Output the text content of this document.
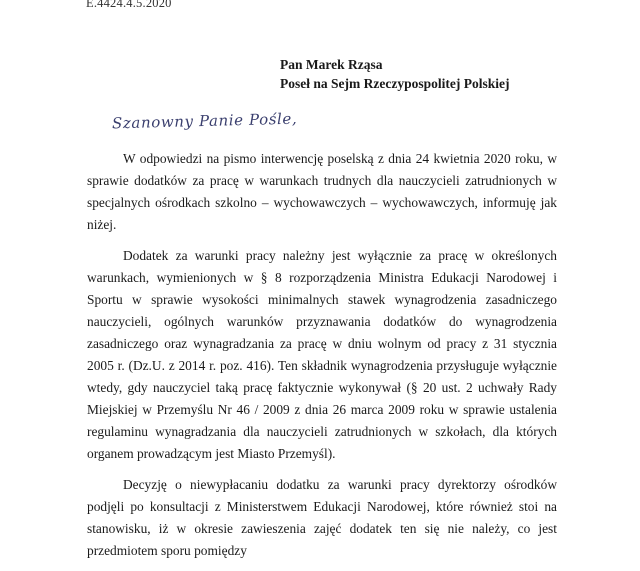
E.4424.4.5.2020
Pan Marek Rząsa
Poseł na Sejm Rzeczypospolitej Polskiej
Szanowny Panie Pośle,

W odpowiedzi na pismo interwencję poselską z dnia 24 kwietnia 2020 roku, w sprawie dodatków za pracę w warunkach trudnych dla nauczycieli zatrudnionych w specjalnych ośrodkach szkolno – wychowawczych – wychowawczych, informuję jak niżej.

Dodatek za warunki pracy należny jest wyłącznie za pracę w określonych warunkach, wymienionych w § 8 rozporządzenia Ministra Edukacji Narodowej i Sportu w sprawie wysokości minimalnych stawek wynagrodzenia zasadniczego nauczycieli, ogólnych warunków przyznawania dodatków do wynagrodzenia zasadniczego oraz wynagradzania za pracę w dniu wolnym od pracy z 31 stycznia 2005 r. (Dz.U. z 2014 r. poz. 416). Ten składnik wynagrodzenia przysługuje wyłącznie wtedy, gdy nauczyciel taką pracę faktycznie wykonywał (§ 20 ust. 2 uchwały Rady Miejskiej w Przemyślu Nr 46 / 2009 z dnia 26 marca 2009 roku w sprawie ustalenia regulaminu wynagradzania dla nauczycieli zatrudnionych w szkołach, dla których organem prowadzącym jest Miasto Przemyśl).

Decyzję o niewypłacaniu dodatku za warunki pracy dyrektorzy ośrodków podjęli po konsultacji z Ministerstwem Edukacji Narodowej, które również stoi na stanowisku, iż w okresie zawieszenia zajęć dodatek ten się nie należy, co jest przedmiotem sporu pomiędzy
